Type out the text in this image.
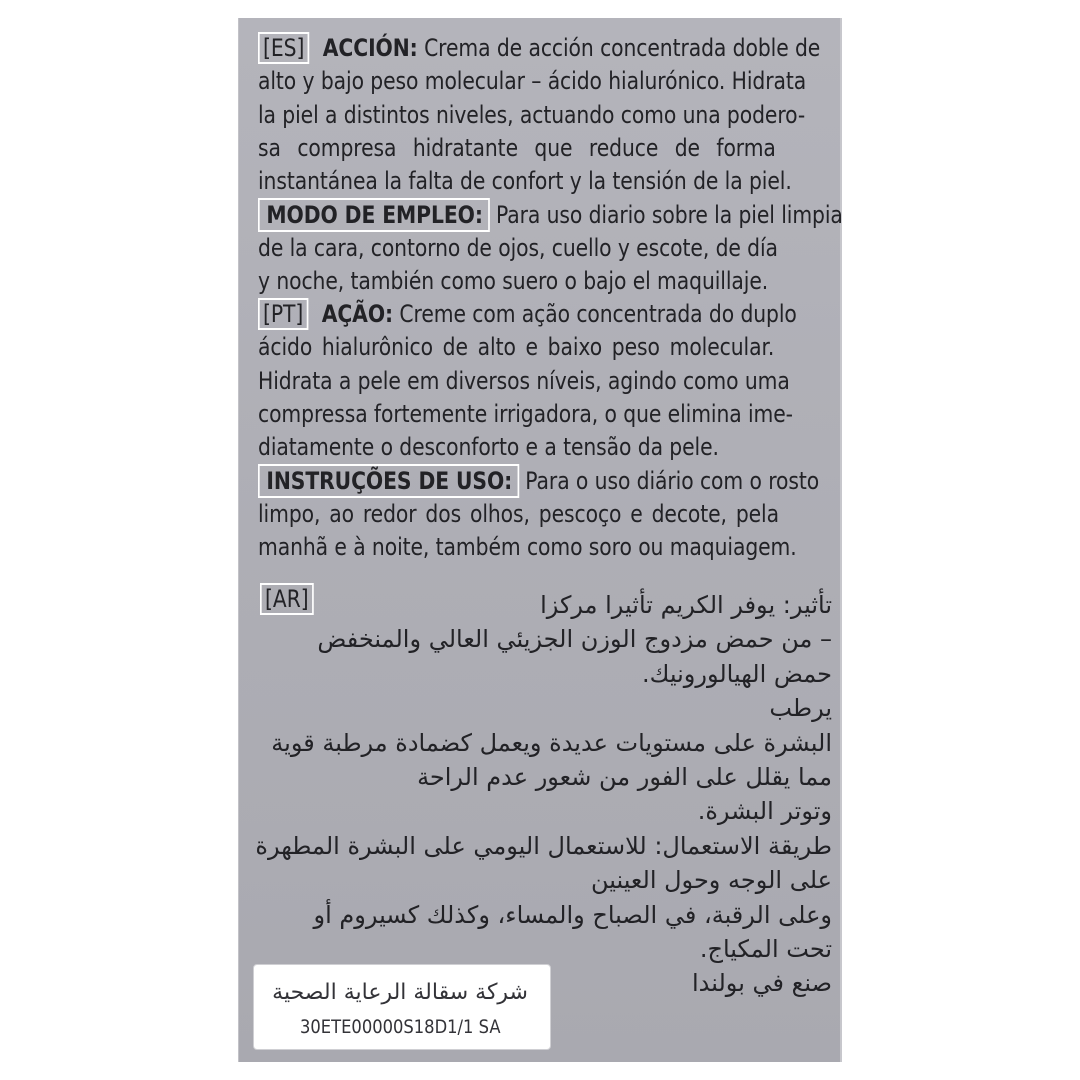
[ES] ACCIÓN: Crema de acción concentrada doble de
alto y bajo peso molecular – ácido hialurónico. Hidrata
la piel a distintos niveles, actuando como una podero-
sa compresa hidratante que reduce de forma
instantánea la falta de confort y la tensión de la piel.
MODO DE EMPLEO: Para uso diario sobre la piel limpia
de la cara, contorno de ojos, cuello y escote, de día
y noche, también como suero o bajo el maquillaje.
[PT] AÇÃO: Creme com ação concentrada do duplo
ácido hialurônico de alto e baixo peso molecular.
Hidrata a pele em diversos níveis, agindo como uma
compressa fortemente irrigadora, o que elimina ime-
diatamente o desconforto e a tensão da pele.
INSTRUÇÕES DE USO: Para o uso diário com o rosto
limpo, ao redor dos olhos, pescoço e decote, pela
manhã e à noite, também como soro ou maquiagem.
[AR]	تأثير: يوفر الكريم تأثيرا مركزا
– من حمض مزدوج الوزن الجزيئي العالي والمنخفض
حمض الهيالورونيك.
يرطب
البشرة على مستويات عديدة ويعمل كضمادة مرطبة قوية
مما يقلل على الفور من شعور عدم الراحة
وتوتر البشرة.
طريقة الاستعمال: للاستعمال اليومي على البشرة المطهرة
على الوجه وحول العينين
وعلى الرقبة، في الصباح والمساء، وكذلك كسيروم أو
تحت المكياج.
صنع في بولندا
شركة سقالة الرعاية الصحية
30ETE00000S18D1/1 SA
